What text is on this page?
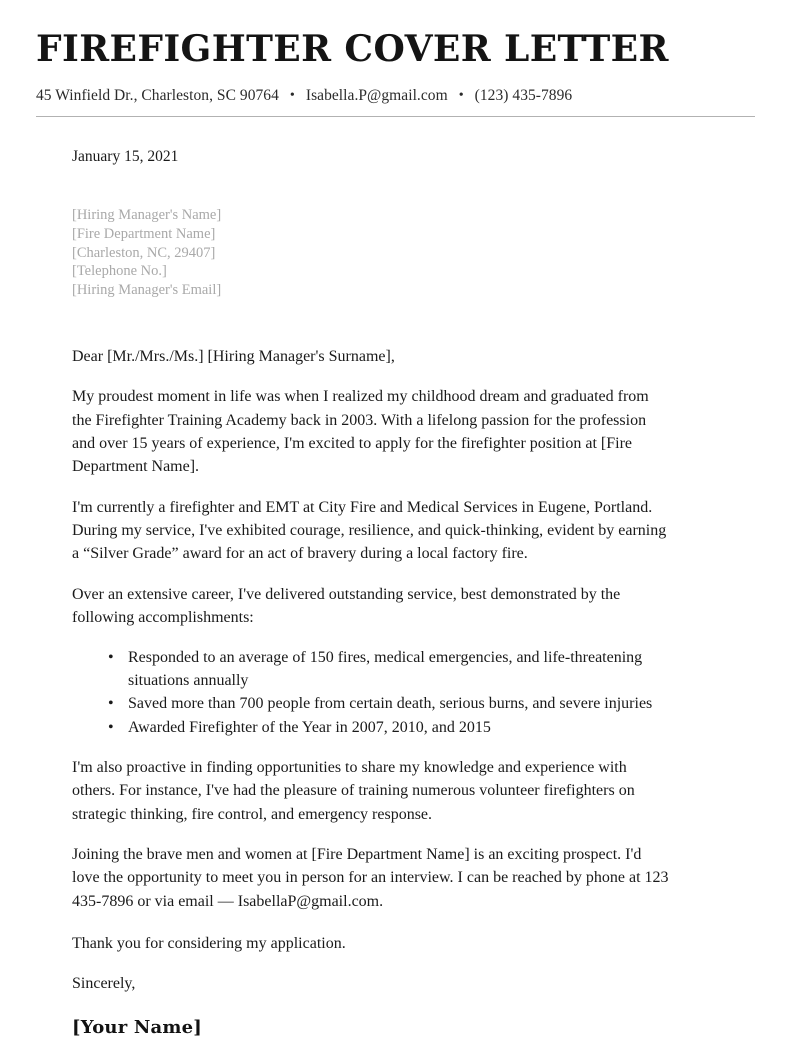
FIREFIGHTER COVER LETTER
45 Winfield Dr., Charleston, SC 90764 • Isabella.P@gmail.com • (123) 435-7896
January 15, 2021
[Hiring Manager's Name]
[Fire Department Name]
[Charleston, NC, 29407]
[Telephone No.]
[Hiring Manager's Email]
Dear [Mr./Mrs./Ms.] [Hiring Manager's Surname],

My proudest moment in life was when I realized my childhood dream and graduated from the Firefighter Training Academy back in 2003. With a lifelong passion for the profession and over 15 years of experience, I'm excited to apply for the firefighter position at [Fire Department Name].

I'm currently a firefighter and EMT at City Fire and Medical Services in Eugene, Portland. During my service, I've exhibited courage, resilience, and quick-thinking, evident by earning a “Silver Grade” award for an act of bravery during a local factory fire.

Over an extensive career, I've delivered outstanding service, best demonstrated by the following accomplishments:

• Responded to an average of 150 fires, medical emergencies, and life-threatening situations annually
• Saved more than 700 people from certain death, serious burns, and severe injuries
• Awarded Firefighter of the Year in 2007, 2010, and 2015

I'm also proactive in finding opportunities to share my knowledge and experience with others. For instance, I've had the pleasure of training numerous volunteer firefighters on strategic thinking, fire control, and emergency response.

Joining the brave men and women at [Fire Department Name] is an exciting prospect. I'd love the opportunity to meet you in person for an interview. I can be reached by phone at 123 435-7896 or via email — IsabellaP@gmail.com.

Thank you for considering my application.

Sincerely,

[Your Name]
